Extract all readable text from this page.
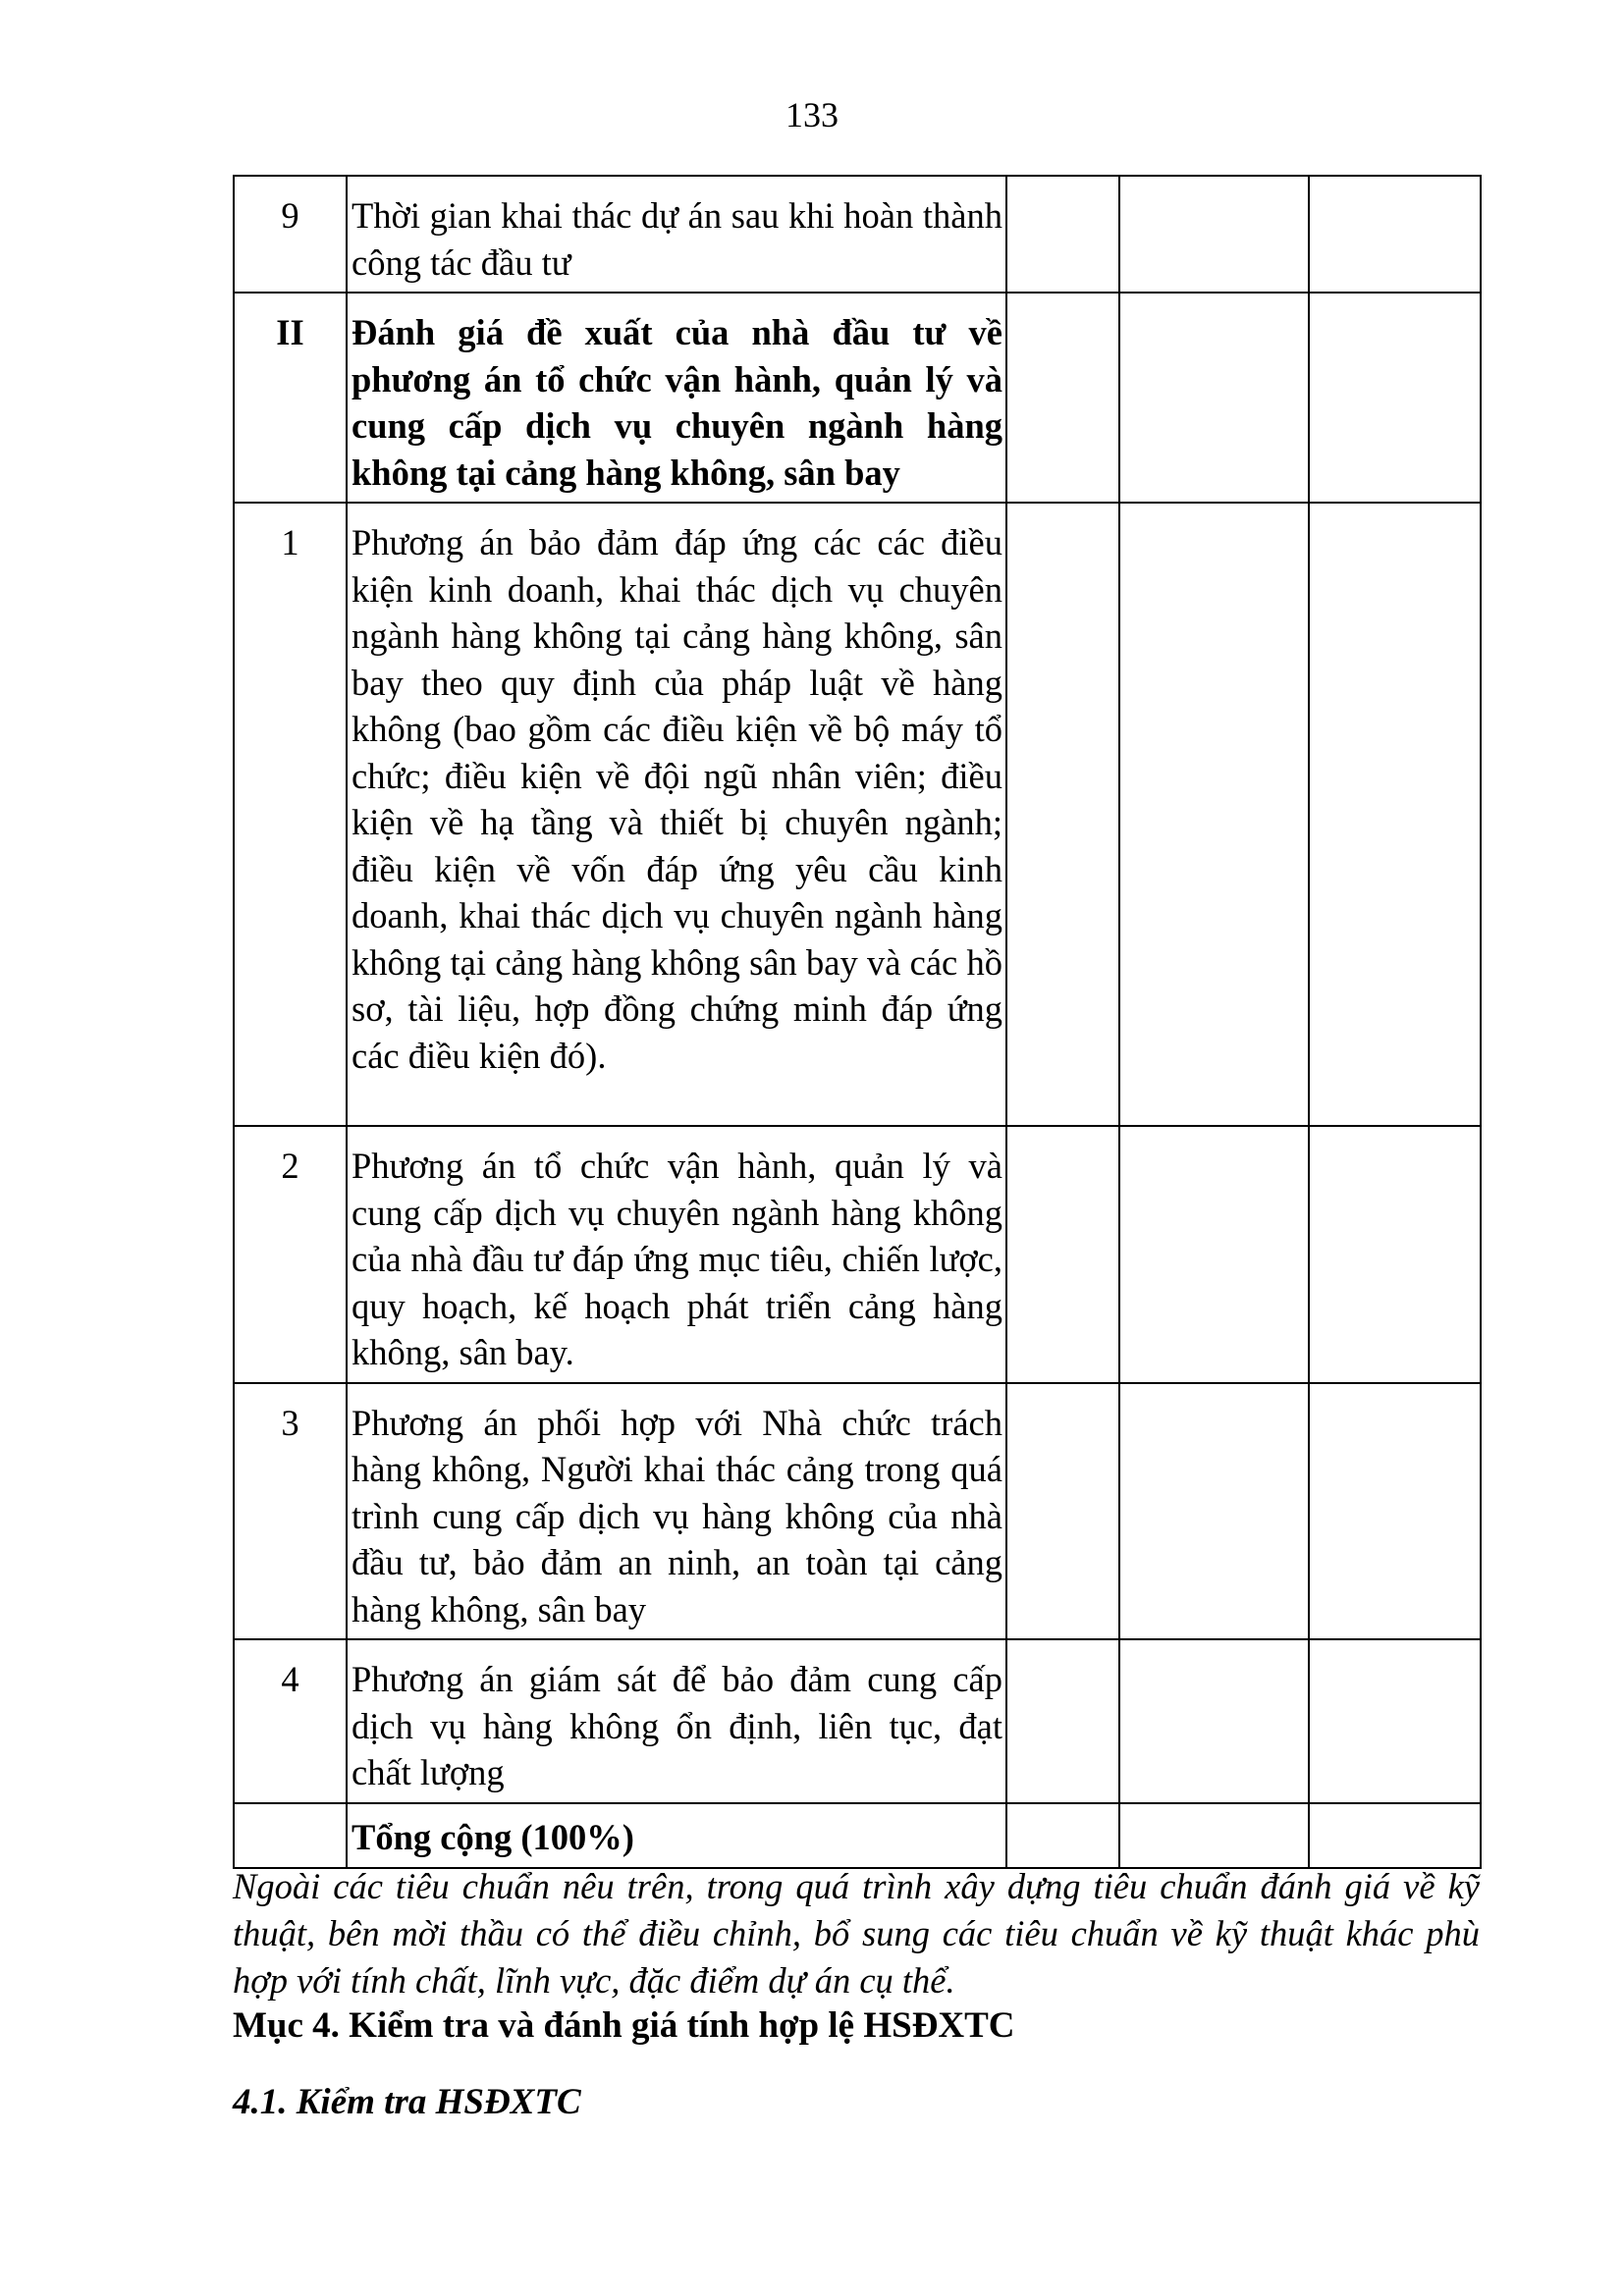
133
9	Thời gian khai thác dự án sau khi hoàn thành công tác đầu tư			
II	Đánh giá đề xuất của nhà đầu tư về phương án tổ chức vận hành, quản lý và cung cấp dịch vụ chuyên ngành hàng không tại cảng hàng không, sân bay			
1	Phương án bảo đảm đáp ứng các các điều kiện kinh doanh, khai thác dịch vụ chuyên ngành hàng không tại cảng hàng không, sân bay theo quy định của pháp luật về hàng không (bao gồm các điều kiện về bộ máy tổ chức; điều kiện về đội ngũ nhân viên; điều kiện về hạ tầng và thiết bị chuyên ngành; điều kiện về vốn đáp ứng yêu cầu kinh doanh, khai thác dịch vụ chuyên ngành hàng không tại cảng hàng không sân bay và các hồ sơ, tài liệu, hợp đồng chứng minh đáp ứng các điều kiện đó).			
2	Phương án tổ chức vận hành, quản lý và cung cấp dịch vụ chuyên ngành hàng không của nhà đầu tư đáp ứng mục tiêu, chiến lược, quy hoạch, kế hoạch phát triển cảng hàng không, sân bay.			
3	Phương án phối hợp với Nhà chức trách hàng không, Người khai thác cảng trong quá trình cung cấp dịch vụ hàng không của nhà đầu tư, bảo đảm an ninh, an toàn tại cảng hàng không, sân bay			
4	Phương án giám sát để bảo đảm cung cấp dịch vụ hàng không ổn định, liên tục, đạt chất lượng			
	Tổng cộng (100%)			
Ngoài các tiêu chuẩn nêu trên, trong quá trình xây dựng tiêu chuẩn đánh giá về kỹ thuật, bên mời thầu có thể điều chỉnh, bổ sung các tiêu chuẩn về kỹ thuật khác phù hợp với tính chất, lĩnh vực, đặc điểm dự án cụ thể.
Mục 4. Kiểm tra và đánh giá tính hợp lệ HSĐXTC
4.1. Kiểm tra HSĐXTC
